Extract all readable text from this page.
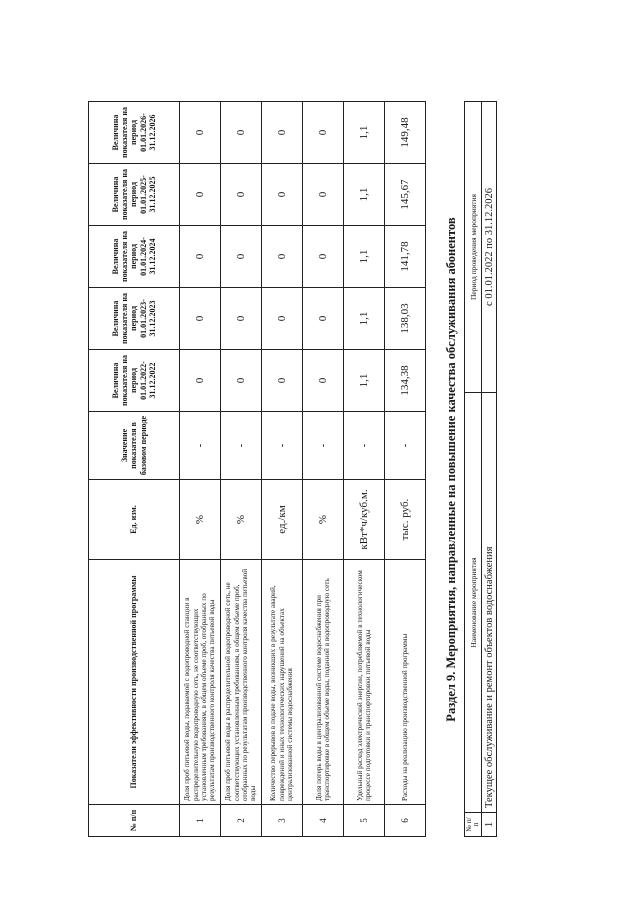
№ п/п	Показатели эффективности производственной программы	Ед. изм.	Значение показателя в базовом периоде	Величина показателя на период 01.01.2022-31.12.2022	Величина показателя на период 01.01.2023-31.12.2023	Величина показателя на период 01.01.2024-31.12.2024	Величина показателя на период 01.01.2025-31.12.2025	Величина показателя на период 01.01.2026-31.12.2026
1	Доля проб питьевой воды, подаваемой с водопроводной станции в распределительную водопроводную сеть, не соответствующих установленным требованиям, в общем объеме проб, отобранных по результатам производственного контроля качества питьевой воды	%	-	0	0	0	0	0
2	Доля проб питьевой воды в распределительной водопроводной сеть, не соответствующих установленным требованиям, в общем объеме проб, отобранных по результатам производственного контроля качества питьевой воды	%	-	0	0	0	0	0
3	Количество перерывов в подаче воды, возникших в результате аварий, повреждений и иных технологических нарушений на объектах централизованной системы водоснабжения	ед./км	-	0	0	0	0	0
4	Доля потерь воды в централизованной системе водоснабжения при транспортировке в общем объеме воды, поданной в водопроводную сеть	%	-	0	0	0	0	0
5	Удельный расход электрической энергии, потребляемой в технологическом процессе подготовки и транспортировки питьевой воды	кВт*ч/куб.м.	-	1,1	1,1	1,1	1,1	1,1
6	Расходы на реализацию производственной программы	тыс. руб.	-	134,38	138,03	141,78	145,67	149,48
Раздел 9. Мероприятия, направленные на повышение качества обслуживания абонентов
№ п/п	Наименование мероприятия	Период проведения мероприятия
1	Текущее обслуживание и ремонт объектов водоснабжения	с 01.01.2022 по 31.12.2026
